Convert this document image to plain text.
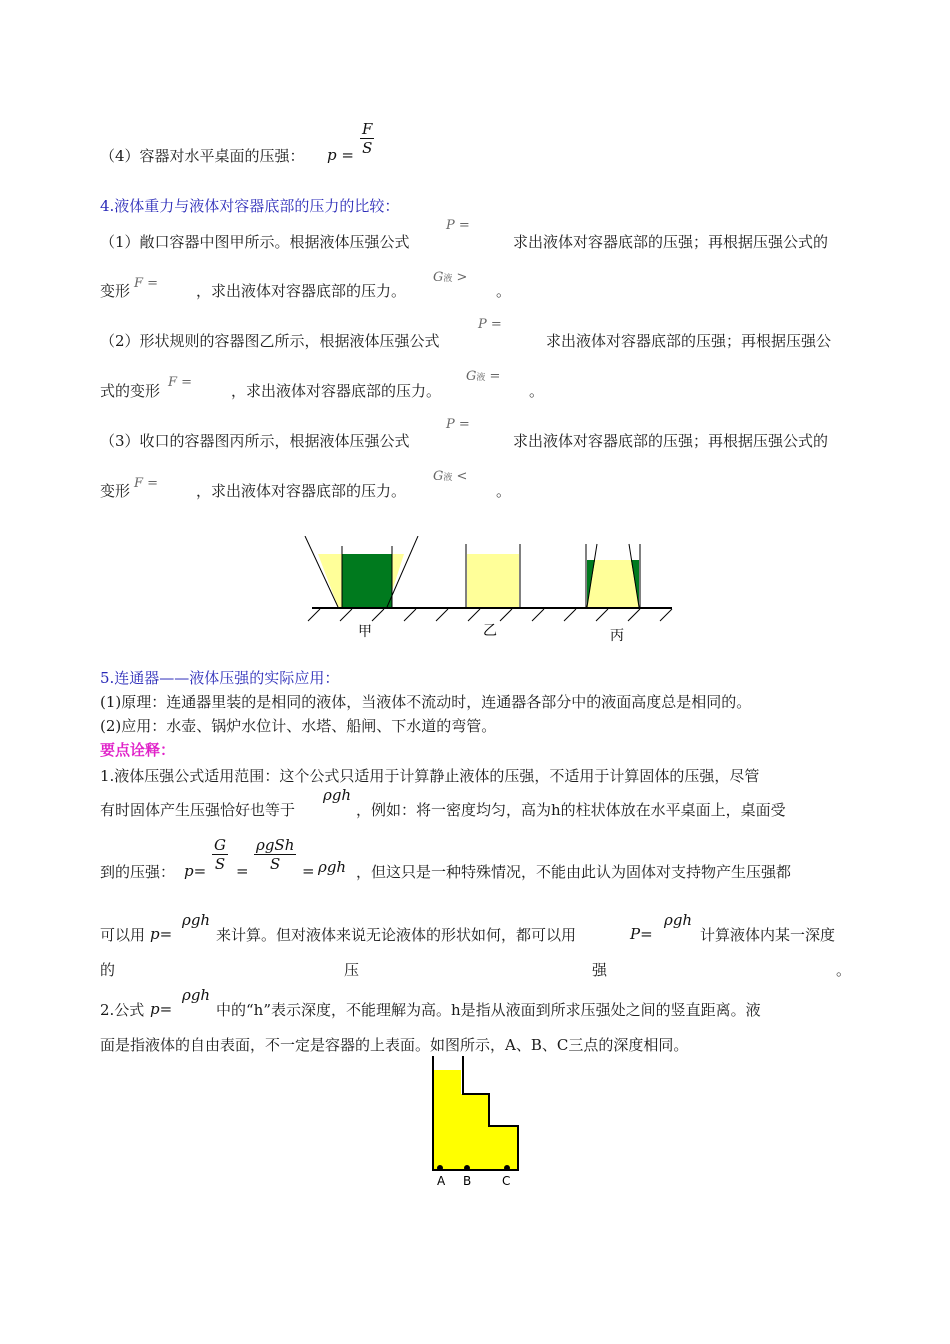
（4）容器对水平桌面的压强： $p = \frac{F}{S}$
4.液体重力与液体对容器底部的压力的比较：
（1）敞口容器中图甲所示。根据液体压强公式
P =
求出液体对容器底部的压强；再根据压强公式的
变形 F =	，求出液体对容器底部的压力。
G液 >
。
（2）形状规则的容器图乙所示，根据液体压强公式
P =
求出液体对容器底部的压强；再根据压强公
式的变形 F =	，求出液体对容器底部的压力。
G液 =
。
（3）收口的容器图丙所示，根据液体压强公式
P =
求出液体对容器底部的压强；再根据压强公式的
变形 F =	，求出液体对容器底部的压力。
G液 <
。
甲	乙	丙
5.连通器——液体压强的实际应用：
(1)原理：连通器里装的是相同的液体，当液体不流动时，连通器各部分中的液面高度总是相同的。
(2)应用：水壶、锅炉水位计、水塔、船闸、下水道的弯管。
要点诠释：
1.液体压强公式适用范围：这个公式只适用于计算静止液体的压强，不适用于计算固体的压强，尽管
有时固体产生压强恰好也等于
ρgh
，例如：将一密度均匀，高为h的柱状体放在水平桌面上，桌面受
到的压强： $p= \frac{G}{S}$ =
ρgSh
S	= ρgh ，但这只是一种特殊情况，不能由此认为固体对支持物产生压强都
可以用 p=
ρgh
来计算。但对液体来说无论液体的形状如何，都可以用	P=
ρgh
计算液体内某一深度
的	压	强	。
2.公式 p=
ρgh
中的“h”表示深度，不能理解为高。h是指从液面到所求压强处之间的竖直距离。液
面是指液体的自由表面，不一定是容器的上表面。如图所示，A、B、C三点的深度相同。
A B	C
